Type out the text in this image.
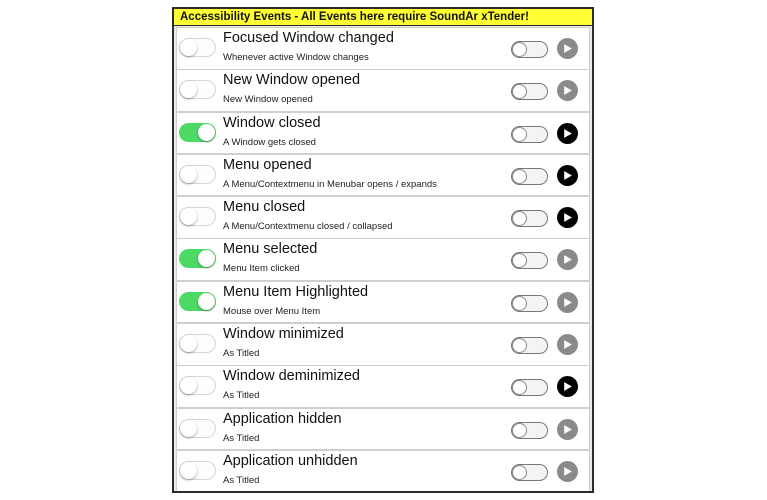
Accessibility Events - All Events here require SoundAr xTender!
Focused Window changed
Whenever active Window changes
New Window opened
New Window opened
Window closed
A Window gets closed
Menu opened
A Menu/Contextmenu in Menubar opens / expands
Menu closed
A Menu/Contextmenu closed / collapsed
Menu selected
Menu Item clicked
Menu Item Highlighted
Mouse over Menu Item
Window minimized
As Titled
Window deminimized
As Titled
Application hidden
As Titled
Application unhidden
As Titled
